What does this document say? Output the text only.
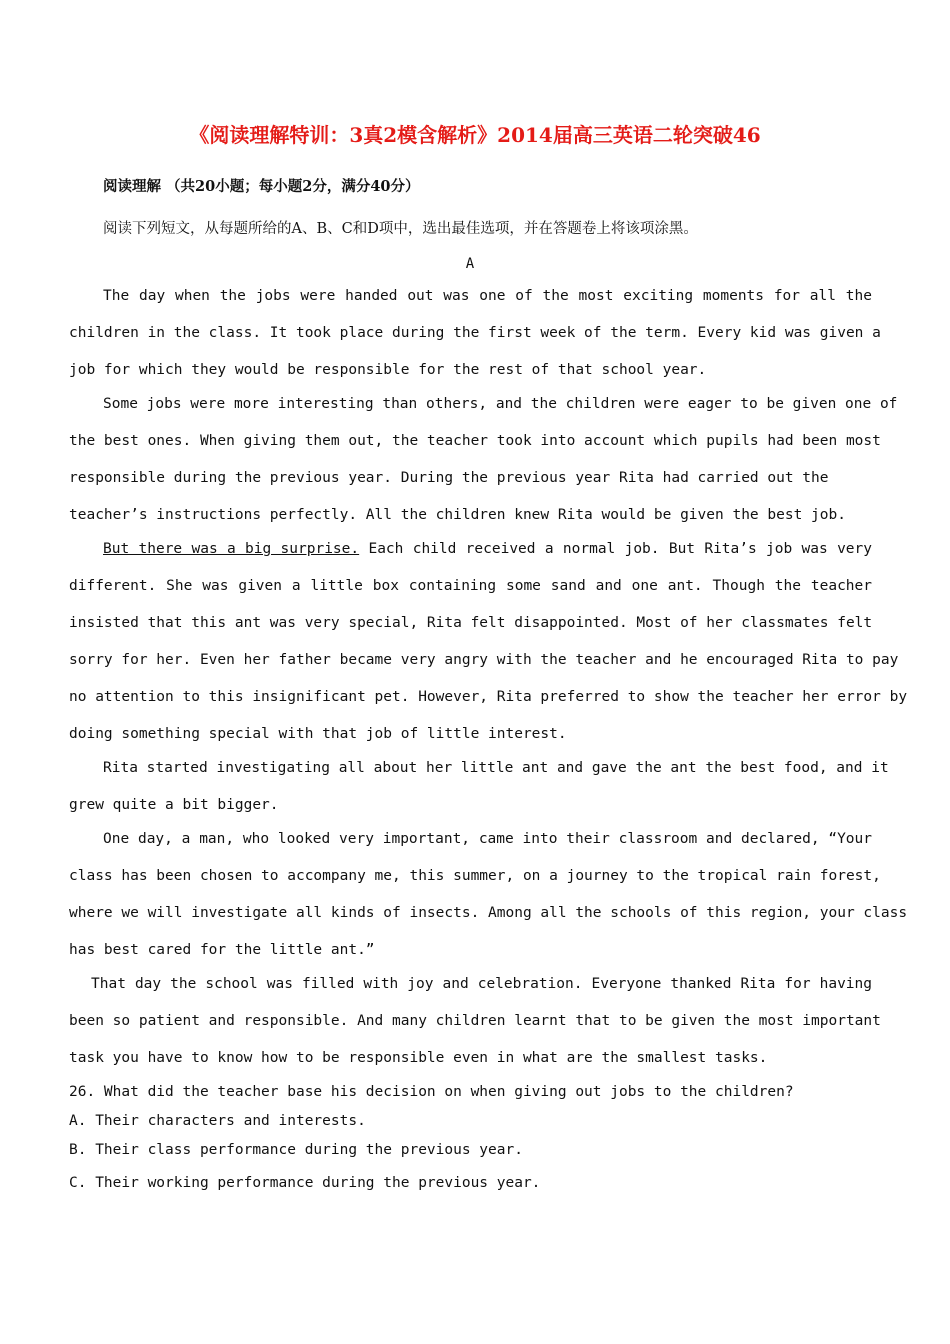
《阅读理解特训：3真2模含解析》2014届高三英语二轮突破46
阅读理解 （共20小题；每小题2分，满分40分）
阅读下列短文，从每题所给的A、B、C和D项中，选出最佳选项，并在答题卷上将该项涂黑。
A
The day when the jobs were handed out was one of the most exciting moments for all the
children in the class. It took place during the first week of the term. Every kid was given a
job for which they would be responsible for the rest of that school year.
Some jobs were more interesting than others, and the children were eager to be given one of
the best ones. When giving them out, the teacher took into account which pupils had been most
responsible during the previous year. During the previous year Rita had carried out the
teacher’s instructions perfectly. All the children knew Rita would be given the best job.
But there was a big surprise. Each child received a normal job. But Rita’s job was very
different. She was given a little box containing some sand and one ant. Though the teacher
insisted that this ant was very special, Rita felt disappointed. Most of her classmates felt
sorry for her. Even her father became very angry with the teacher and he encouraged Rita to pay
no attention to this insignificant pet. However, Rita preferred to show the teacher her error by
doing something special with that job of little interest.
Rita started investigating all about her little ant and gave the ant the best food, and it
grew quite a bit bigger.
One day, a man, who looked very important, came into their classroom and declared, “Your
class has been chosen to accompany me, this summer, on a journey to the tropical rain forest,
where we will investigate all kinds of insects. Among all the schools of this region, your class
has best cared for the little ant.”
That day the school was filled with joy and celebration. Everyone thanked Rita for having
been so patient and responsible. And many children learnt that to be given the most important
task you have to know how to be responsible even in what are the smallest tasks.
26. What did the teacher base his decision on when giving out jobs to the children?
A. Their characters and interests.
B. Their class performance during the previous year.
C. Their working performance during the previous year.
